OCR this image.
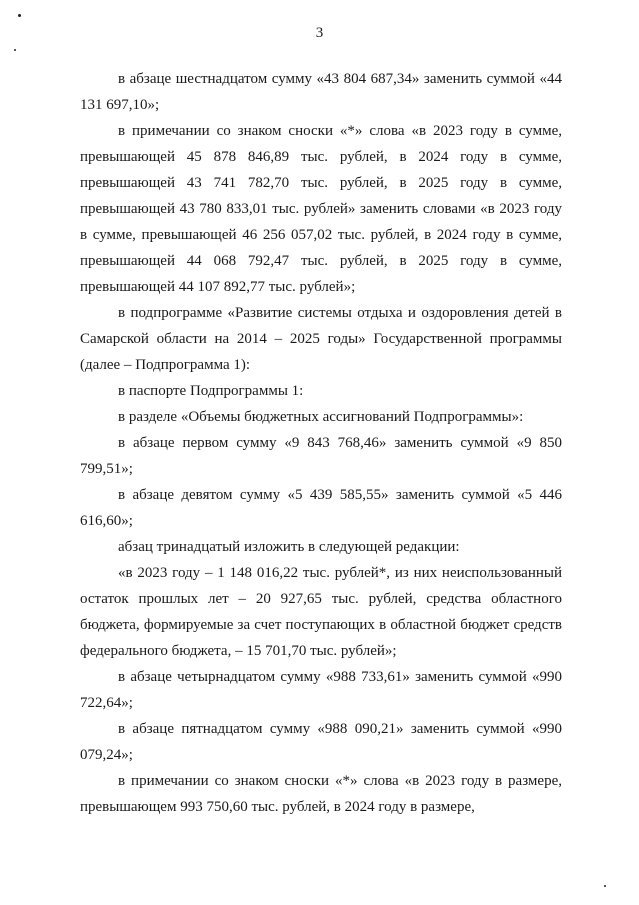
3

в абзаце шестнадцатом сумму «43 804 687,34» заменить суммой «44 131 697,10»;

в примечании со знаком сноски «*» слова «в 2023 году в сумме, превышающей 45 878 846,89 тыс. рублей, в 2024 году в сумме, превышающей 43 741 782,70 тыс. рублей, в 2025 году в сумме, превышающей 43 780 833,01 тыс. рублей» заменить словами «в 2023 году в сумме, превышающей 46 256 057,02 тыс. рублей, в 2024 году в сумме, превышающей 44 068 792,47 тыс. рублей, в 2025 году в сумме, превышающей 44 107 892,77 тыс. рублей»;

в подпрограмме «Развитие системы отдыха и оздоровления детей в Самарской области на 2014 – 2025 годы» Государственной программы (далее – Подпрограмма 1):

в паспорте Подпрограммы 1:

в разделе «Объемы бюджетных ассигнований Подпрограммы»:

в абзаце первом сумму «9 843 768,46» заменить суммой «9 850 799,51»;

в абзаце девятом сумму «5 439 585,55» заменить суммой «5 446 616,60»;

абзац тринадцатый изложить в следующей редакции:

«в 2023 году – 1 148 016,22 тыс. рублей*, из них неиспользованный остаток прошлых лет – 20 927,65 тыс. рублей, средства областного бюджета, формируемые за счет поступающих в областной бюджет средств федерального бюджета, – 15 701,70 тыс. рублей»;

в абзаце четырнадцатом сумму «988 733,61» заменить суммой «990 722,64»;

в абзаце пятнадцатом сумму «988 090,21» заменить суммой «990 079,24»;

в примечании со знаком сноски «*» слова «в 2023 году в размере, превышающем 993 750,60 тыс. рублей, в 2024 году в размере,
